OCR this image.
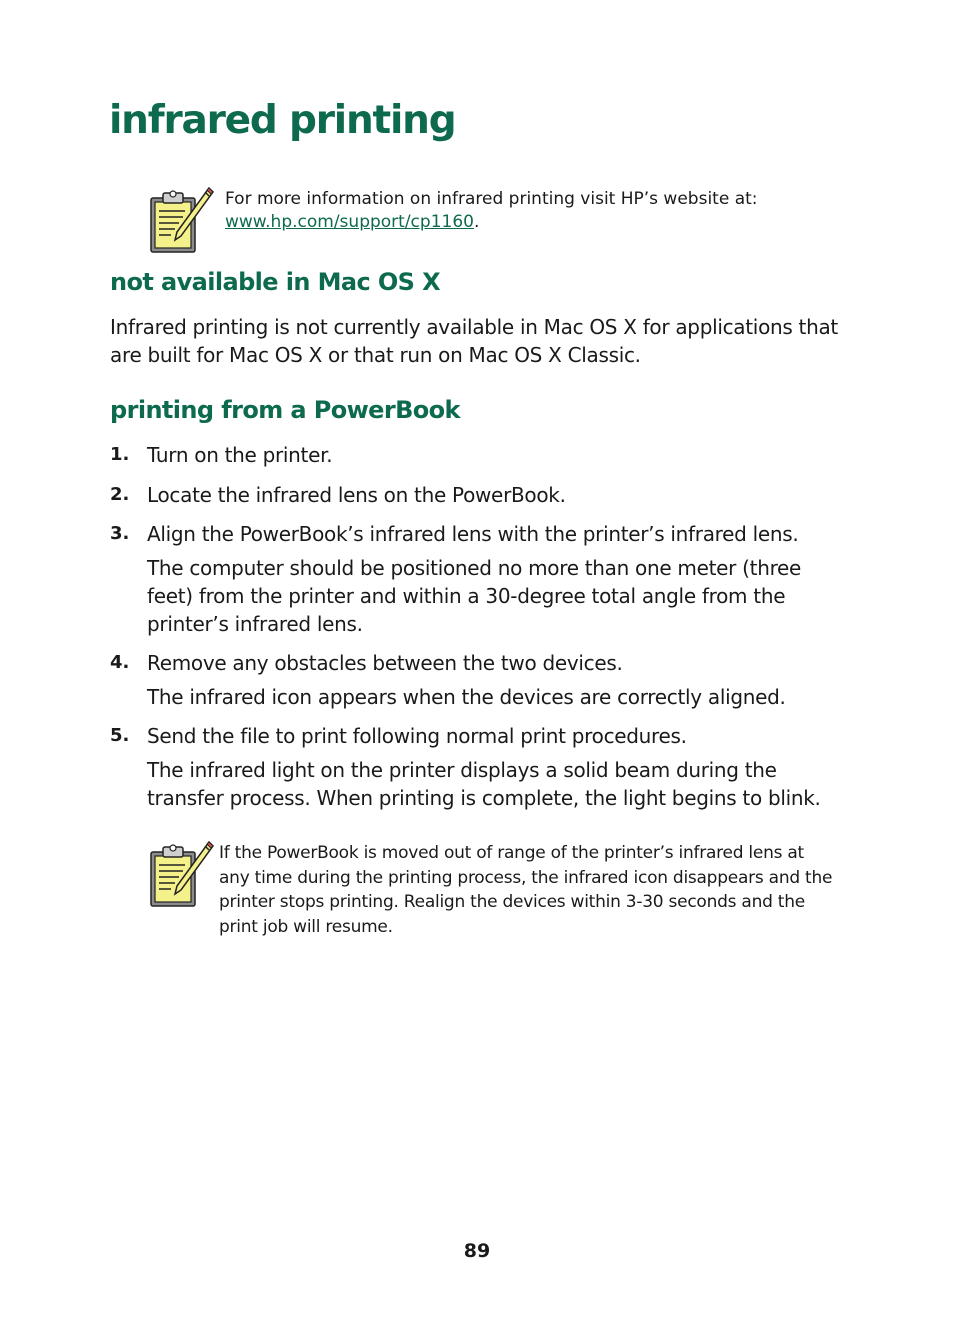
infrared printing

For more information on infrared printing visit HP’s website at:
www.hp.com/support/cp1160.

not available in Mac OS X

Infrared printing is not currently available in Mac OS X for applications that are built for Mac OS X or that run on Mac OS X Classic.

printing from a PowerBook
1. Turn on the printer.

2. Locate the infrared lens on the PowerBook.

3. Align the PowerBook’s infrared lens with the printer’s infrared lens.

The computer should be positioned no more than one meter (three feet) from the printer and within a 30-degree total angle from the printer’s infrared lens.

4. Remove any obstacles between the two devices.

The infrared icon appears when the devices are correctly aligned.

5. Send the file to print following normal print procedures.

The infrared light on the printer displays a solid beam during the transfer process. When printing is complete, the light begins to blink.

If the PowerBook is moved out of range of the printer’s infrared lens at any time during the printing process, the infrared icon disappears and the printer stops printing. Realign the devices within 3-30 seconds and the print job will resume.

89
